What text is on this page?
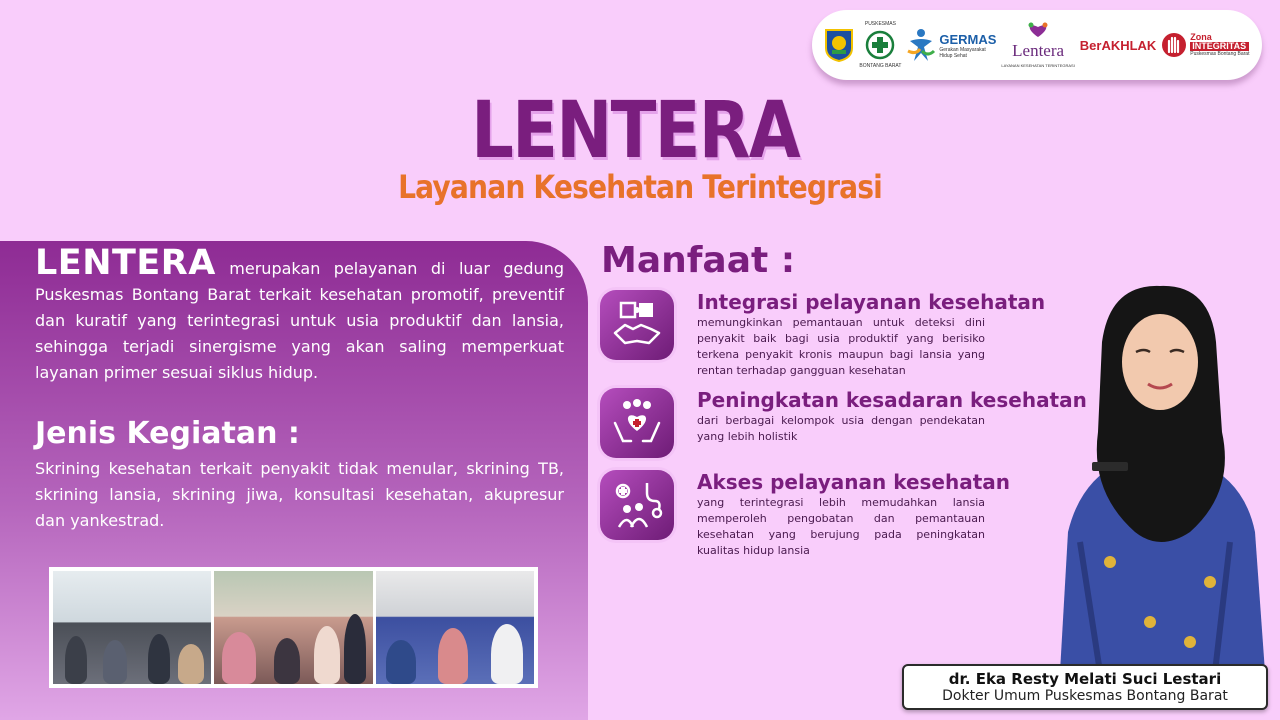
PUSKESMAS
BONTANG BARAT
GERMAS
Gerakan Masyarakat Hidup Sehat	Lentera
LAYANAN KESEHATAN TERINTEGRASI
BerAKHLAK
Zona
INTEGRITAS
Puskesmas Bontang Barat
LENTERA
Layanan Kesehatan Terintegrasi
LENTERA merupakan pelayanan di luar gedung Puskesmas Bontang Barat terkait kesehatan promotif, preventif dan kuratif yang terintegrasi untuk usia produktif dan lansia, sehingga terjadi sinergisme yang akan saling memperkuat layanan primer sesuai siklus hidup.
Jenis Kegiatan :
Skrining kesehatan terkait penyakit tidak menular, skrining TB, skrining lansia, skrining jiwa, konsultasi kesehatan, akupresur dan yankestrad.
Manfaat :
Integrasi pelayanan kesehatan
memungkinkan pemantauan untuk deteksi dini penyakit baik bagi usia produktif yang berisiko terkena penyakit kronis maupun bagi lansia yang rentan terhadap gangguan kesehatan
Peningkatan kesadaran kesehatan
dari berbagai kelompok usia dengan pendekatan yang lebih holistik
Akses pelayanan kesehatan
yang terintegrasi lebih memudahkan lansia memperoleh pengobatan dan pemantauan kesehatan yang berujung pada peningkatan kualitas hidup lansia
dr. Eka Resty Melati Suci Lestari
Dokter Umum Puskesmas Bontang Barat
